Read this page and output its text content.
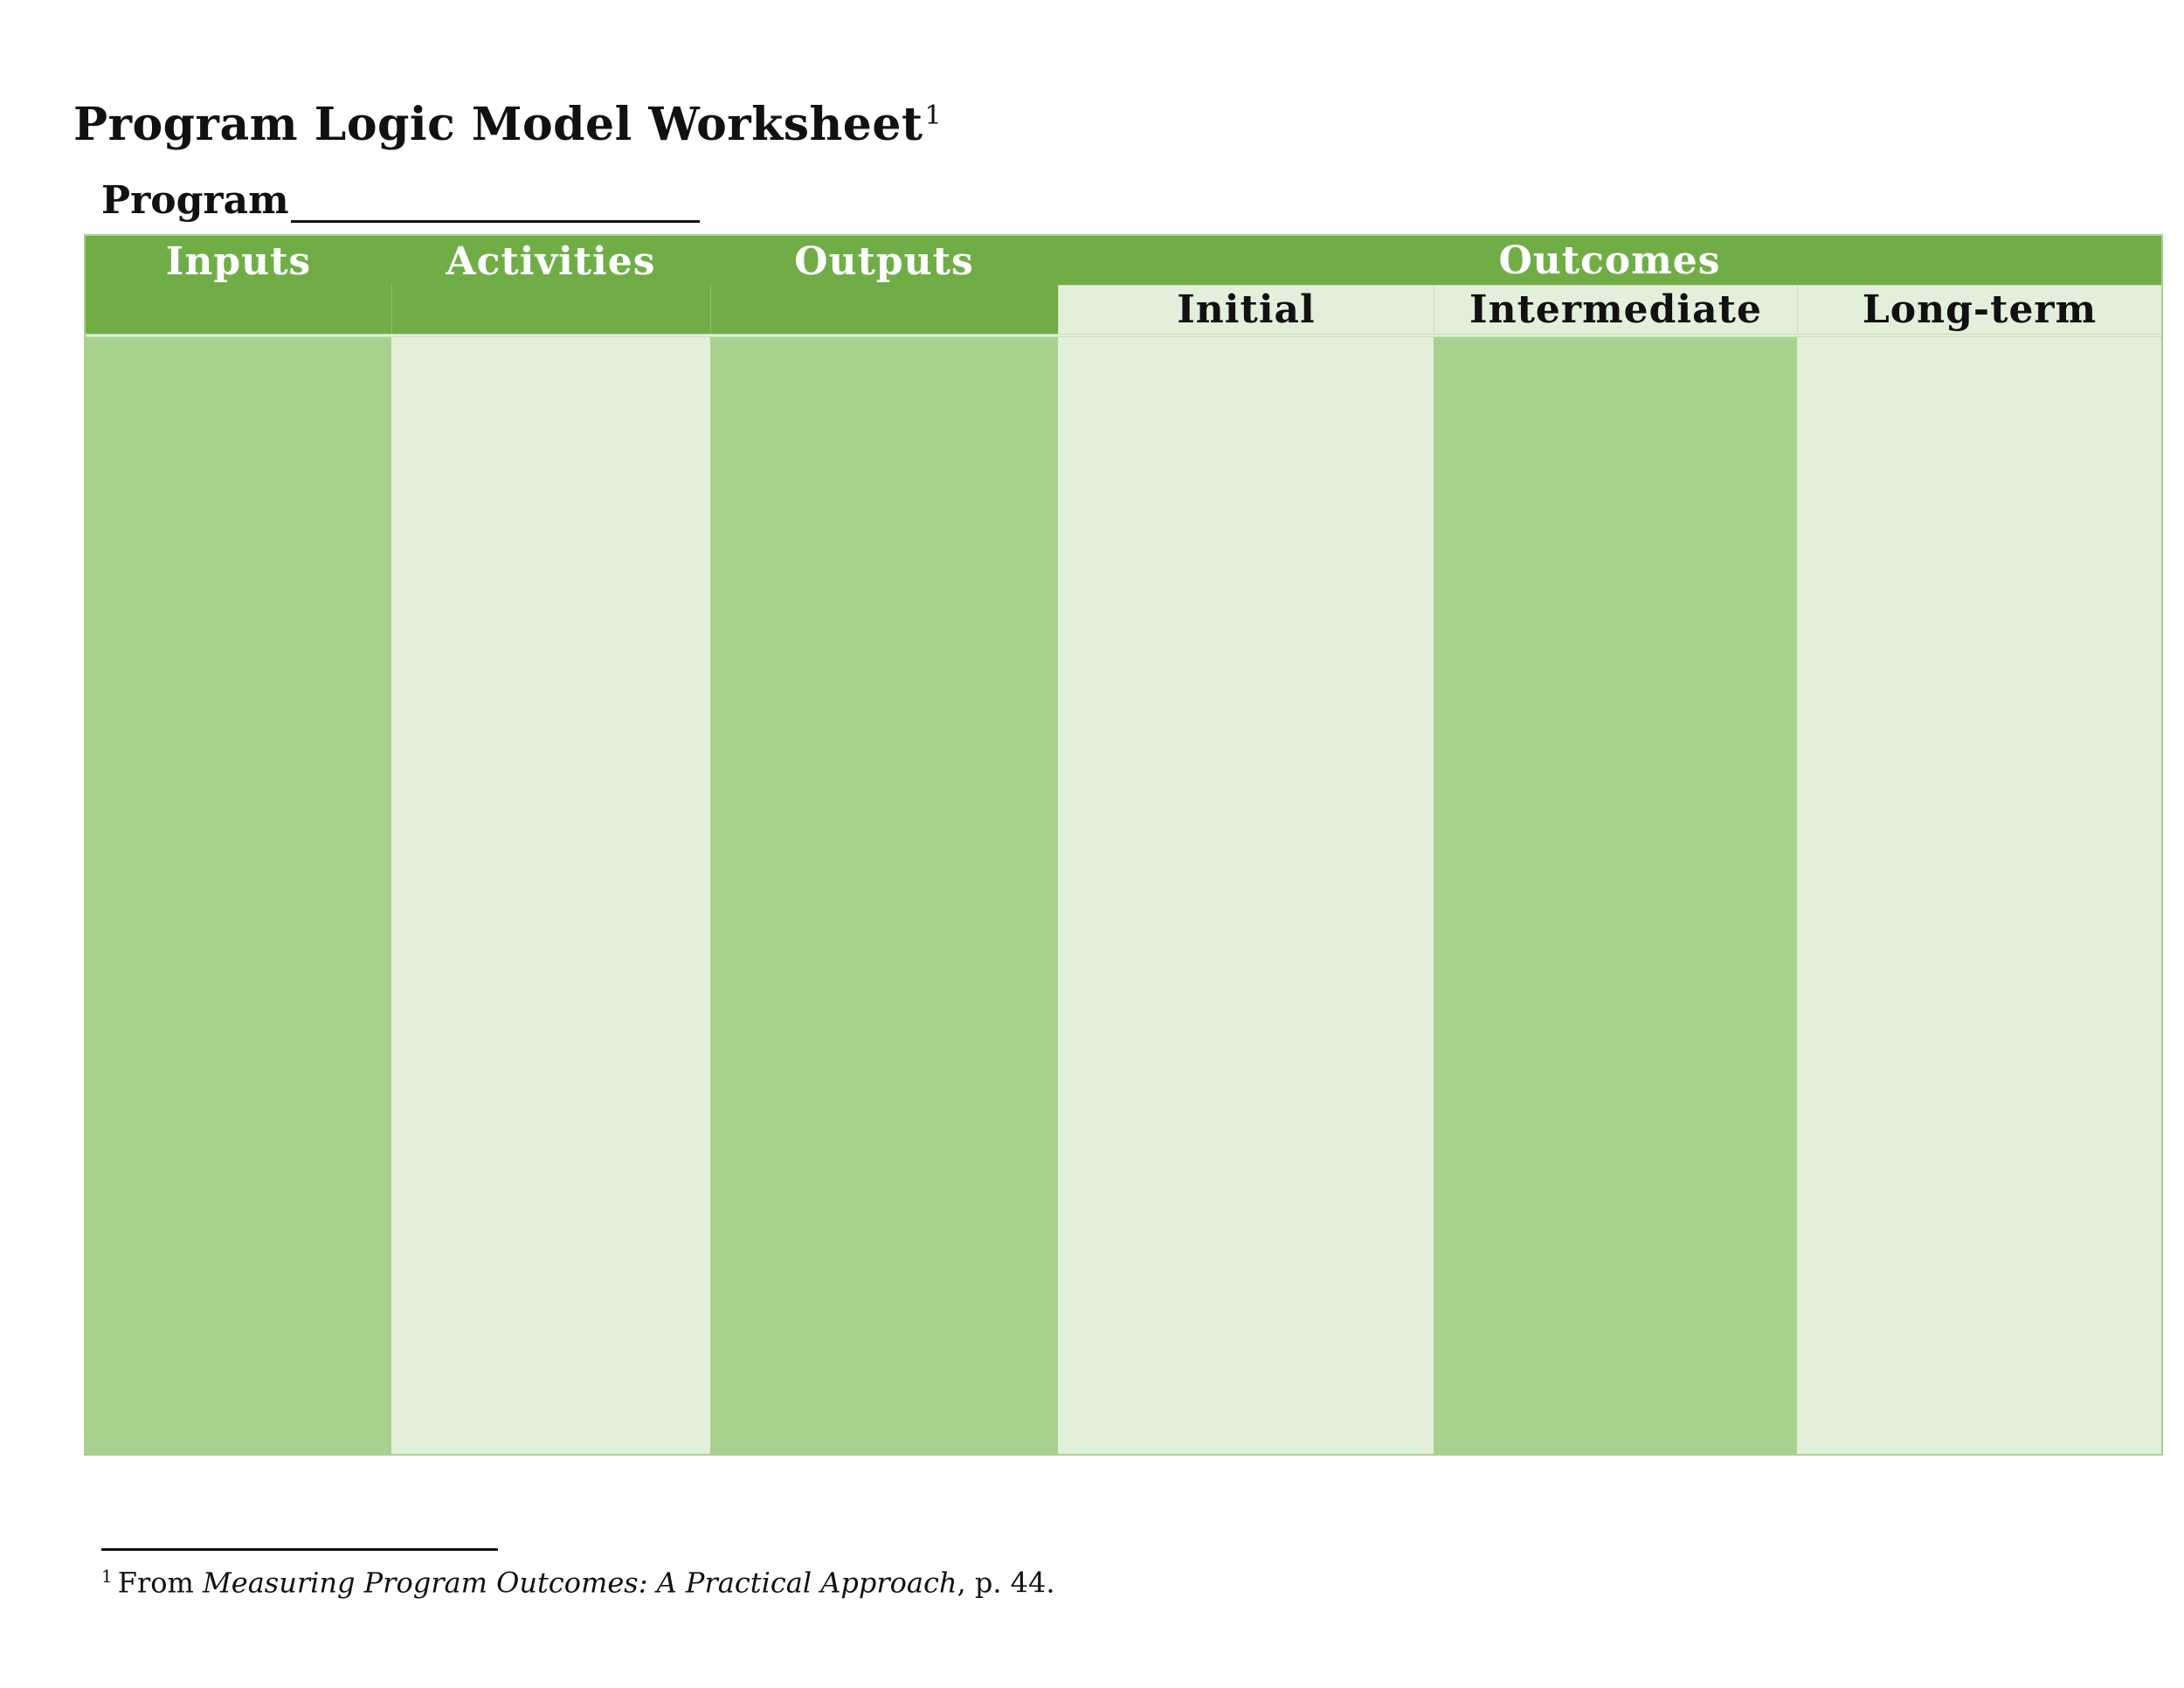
Program Logic Model Worksheet$^1$
Program
Inputs	Activities	Outputs	Outcomes
Initial	Intermediate	Long-term
$^1$ From Measuring Program Outcomes: A Practical Approach, p. 44.
